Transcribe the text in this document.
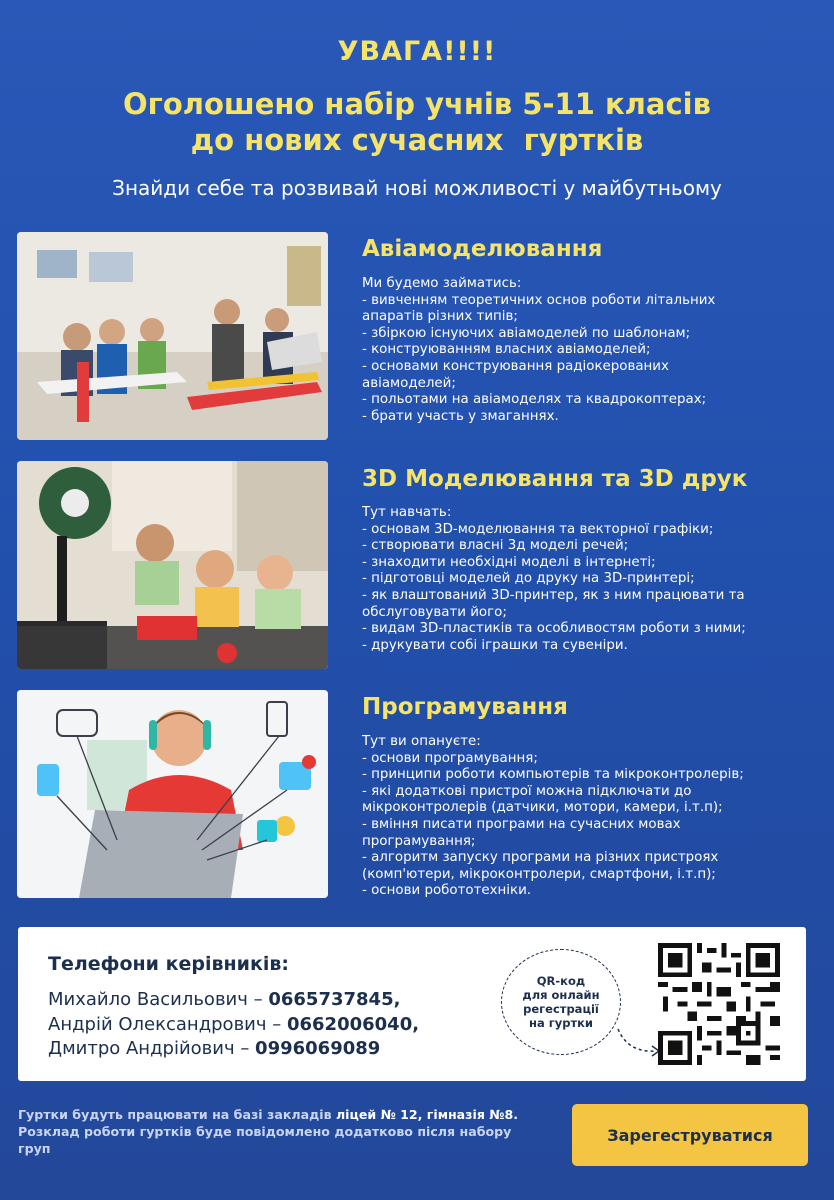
УВАГА!!!!
Оголошено набір учнів 5-11 класів
до нових сучасних  гуртків
Знайди себе та розвивай нові можливості у майбутньому
Авіамоделювання
Ми будемо займатись:
- вивченням теоретичних основ роботи літальних
апаратів різних типів;
- збіркою існуючих авіамоделей по шаблонам;
- конструюванням власних авіамоделей;
- основами конструювання радіокерованих
авіамоделей;
- польотами на авіамоделях та квадрокоптерах;
- брати участь у змаганнях.
3D Моделювання та 3D друк
Тут навчать:
- основам 3D-моделювання та векторної графіки;
- створювати власні 3д моделі речей;
- знаходити необхідні моделі в інтернеті;
- підготовці моделей до друку на 3D-принтері;
- як влаштований 3D-принтер, як з ним працювати та
обслуговувати його;
- видам 3D-пластиків та особливостям роботи з ними;
- друкувати собі іграшки та сувеніри.
Програмування
Тут ви опануєте:
- основи програмування;
- принципи роботи компьютерів та мікроконтролерів;
- які додаткові пристрої можна підключати до
мікроконтролерів (датчики, мотори, камери, і.т.п);
- вміння писати програми на сучасних мовах
програмування;
- алгоритм запуску програми на різних пристроях
(комп'ютери, мікроконтролери, смартфони, і.т.п);
- основи робототехніки.
Телефони керівників:
Михайло Васильович – 0665737845,
Андрій Олександрович – 0662006040,
Дмитро Андрійович – 0996069089
QR-код
для онлайн
регестрації
на гуртки
Гуртки будуть працювати на базі закладів ліцей № 12, гімназія №8.
Розклад роботи гуртків буде повідомлено додатково після набору
груп
Зарегеструватися
